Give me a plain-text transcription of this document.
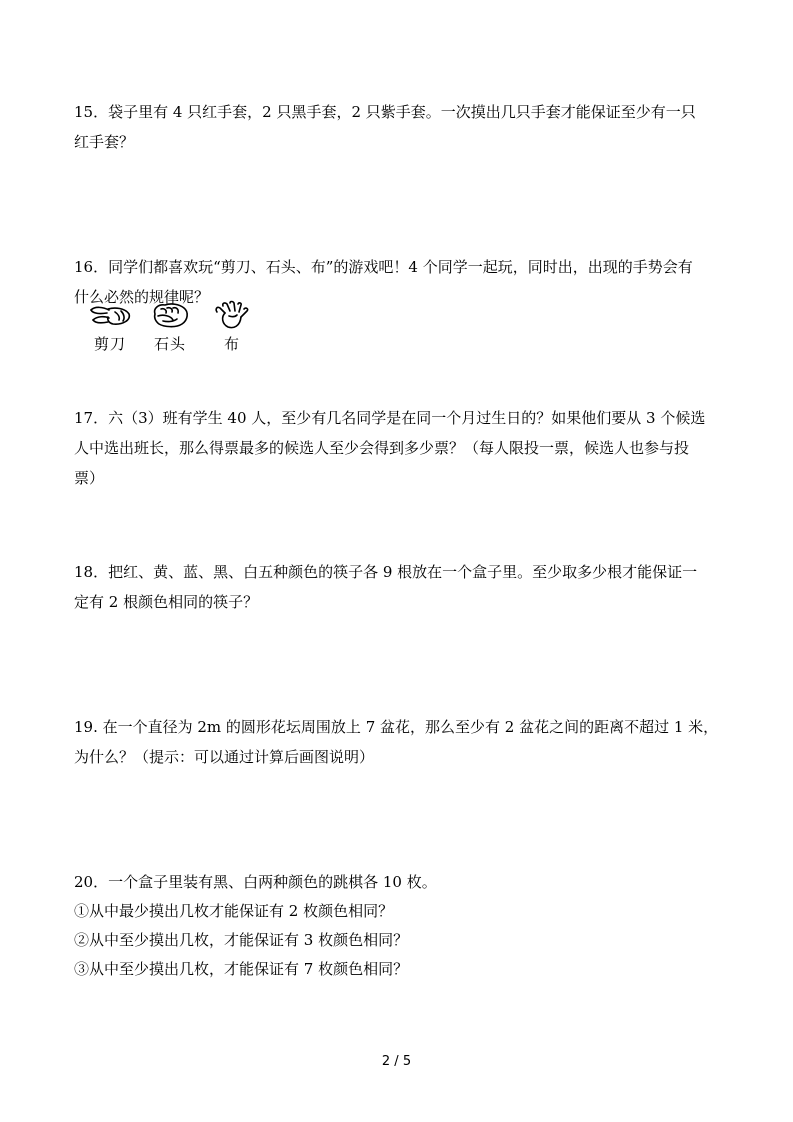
15．袋子里有 4 只红手套，2 只黑手套，2 只紫手套。一次摸出几只手套才能保证至少有一只

红手套？

16．同学们都喜欢玩“剪刀、石头、布”的游戏吧！4 个同学一起玩，同时出，出现的手势会有

什么必然的规律呢？

剪刀	石头	布

17．六（3）班有学生 40 人，至少有几名同学是在同一个月过生日的？如果他们要从 3 个候选

人中选出班长，那么得票最多的候选人至少会得到多少票？（每人限投一票，候选人也参与投

票）

18．把红、黄、蓝、黑、白五种颜色的筷子各 9 根放在一个盒子里。至少取多少根才能保证一

定有 2 根颜色相同的筷子？

19. 在一个直径为 2m 的圆形花坛周围放上 7 盆花，那么至少有 2 盆花之间的距离不超过 1 米，

为什么？（提示：可以通过计算后画图说明）

20．一个盒子里装有黑、白两种颜色的跳棋各 10 枚。

①从中最少摸出几枚才能保证有 2 枚颜色相同？

②从中至少摸出几枚，才能保证有 3 枚颜色相同？

③从中至少摸出几枚，才能保证有 7 枚颜色相同？

2 / 5
